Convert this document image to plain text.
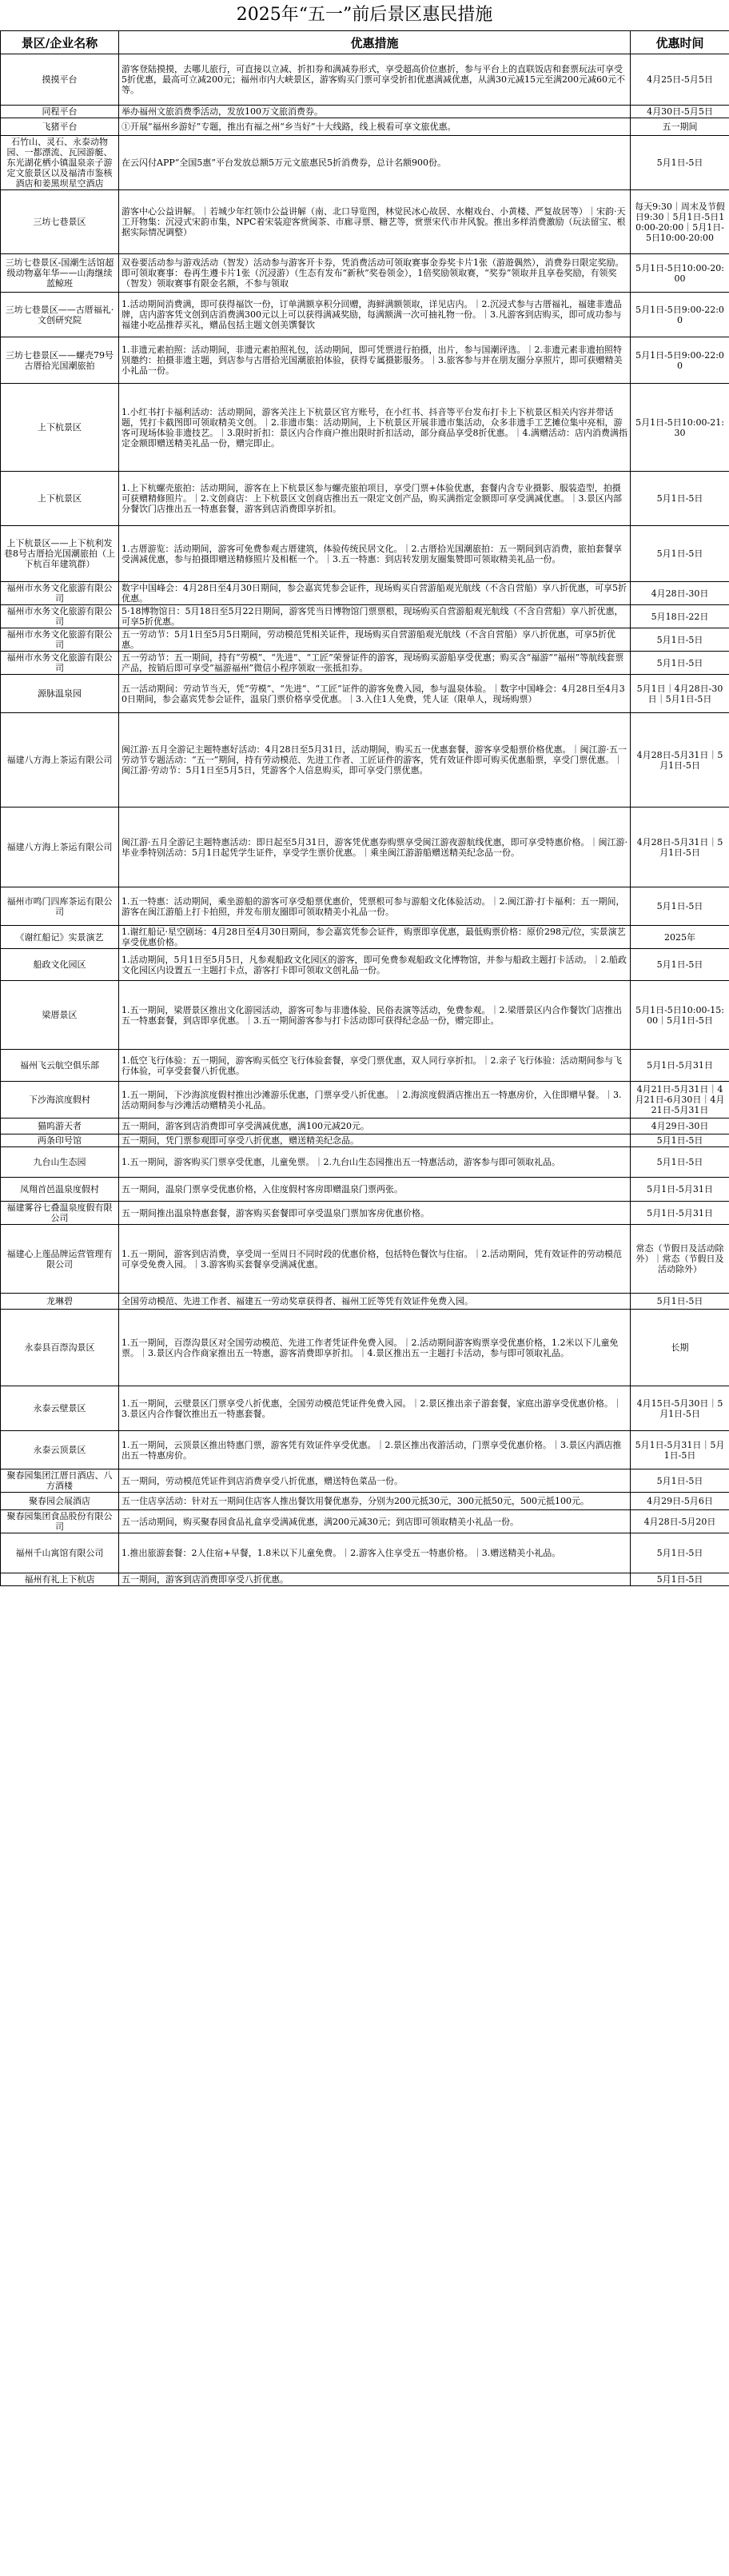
2025年“五一”前后景区惠民措施
景区/企业名称	优惠措施	优惠时间
摸摸平台	游客登陆摸摸，去哪儿旅行，可直接以立减、折扣券和满减券形式，享受超高价位惠折，参与平台上的直联饭店和套票玩法可享受5折优惠，最高可立减200元；福州市内大峡景区，游客购买门票可享受折扣优惠满减优惠，从满30元减15元至满200元减60元不等。	4月25日-5月5日
同程平台	举办福州文旅消费季活动，发放100万文旅消费券。	4月30日-5月5日
飞猪平台	①开展“福州乡游好”专题，推出有福之州“乡当好”十大线路，线上极看可享文旅优惠。	五一期间
石竹山、灵石、永泰动物园、一都漂流、瓦园游艇、东光湖花栖小镇温泉亲子游定文旅景区以及福清市鉴核酒店和姜黑坝星空酒店	在云闪付APP“全国5惠”平台发放总额5万元文旅惠民5折消费券，总计名额900份。	5月1日-5日
三坊七巷景区	游客中心公益讲解。｜若城少年红领巾公益讲解（南、北口导览图，林觉民冰心故居、水榭戏台、小黄楼、严复故居等）｜宋韵·天工开物集：沉浸式宋韵市集，NPC着宋装迎客赏闽茶、市廊寻票、糖艺等，赏票宋代市井风貌。推出多样消费激励（玩法留宝、根据实际情况调整）	每天9:30｜周末及节假日9:30｜5月1日-5日10:00-20:00｜5月1日-5日10:00-20:00
三坊七巷景区-国潮生活馆超级动物嘉年华——山海继续蓝鲸班	双卷要活动参与游戏活动（智发）活动参与游客开卡券，凭消费活动可领取赛事金券奖卡片1张（游遊偶然），消费券日限定奖励。即可领取赛事：卷再生遵卡片1张（沉浸游）（生态有发布“新秋”奖卷领金），1倍奖励领取赛，“奖券”领取并且享卷奖励，有领奖（智发）领取赛事有限金名额，不参与领取	5月1日-5日10:00-20:00
三坊七巷景区——古厝福礼·文创研究院	1.活动期间消费满，即可获得福饮一份，订单满额享积分回赠，海鲜满额领取，详见店内。｜2.沉浸式参与古厝福礼，福建非遗品牌，店内游客凭文创到店消费满300元以上可以获得满减奖励，每满额满一次可抽礼物一份。｜3.凡游客到店购买，即可成功参与福建小吃品推荐买礼，赠品包括主题文创美馔餐饮	5月1日-5日9:00-22:00
三坊七巷景区——螺壳79号古厝拾光国潮旅拍	1.非遗元素拍照：活动期间，非遗元素拍照礼包，活动期间，即可凭票进行拍摄，出片，参与国潮评选。｜2.非遗元素非遗拍照特别邀约：拍摄非遗主题，到店参与古厝拾光国潮旅拍体验，获得专属摄影服务。｜3.旅客参与并在朋友圈分享照片，即可获赠精美小礼品一份。	5月1日-5日9:00-22:00
上下杭景区	1.小红书打卡福利活动：活动期间，游客关注上下杭景区官方账号，在小红书、抖音等平台发布打卡上下杭景区相关内容并带话题，凭打卡截图即可领取精美文创。｜2.非遗市集：活动期间，上下杭景区开展非遗市集活动，众多非遗手工艺摊位集中亮相，游客可现场体验非遗技艺。｜3.限时折扣：景区内合作商户推出限时折扣活动，部分商品享受8折优惠。｜4.满赠活动：店内消费满指定金额即赠送精美礼品一份，赠完即止。	5月1日-5日10:00-21:30
上下杭景区	1.上下杭螺壳旅拍：活动期间，游客在上下杭景区参与螺壳旅拍项目，享受门票+体验优惠，套餐内含专业摄影、服装造型，拍摄可获赠精修照片。｜2.文创商店：上下杭景区文创商店推出五一限定文创产品，购买满指定金额即可享受满减优惠。｜3.景区内部分餐饮门店推出五一特惠套餐，游客到店消费即享折扣。	5月1日-5日
上下杭景区——上下杭利发巷8号古厝拾光国潮旅拍（上下杭百年建筑群）	1.古厝游览：活动期间，游客可免费参观古厝建筑，体验传统民居文化。｜2.古厝拾光国潮旅拍：五一期间到店消费，旅拍套餐享受满减优惠，参与拍摄即赠送精修照片及相框一个。｜3.五一特惠：到店转发朋友圈集赞即可领取精美礼品一份。	5月1日-5日
福州市水务文化旅游有限公司	数字中国峰会：4月28日至4月30日期间，参会嘉宾凭参会证件，现场购买自营游船观光航线（不含自营船）享八折优惠，可享5折优惠。	4月28日-30日
福州市水务文化旅游有限公司	5·18博物馆日：5月18日至5月22日期间，游客凭当日博物馆门票票根，现场购买自营游船观光航线（不含自营船）享八折优惠，可享5折优惠。	5月18日-22日
福州市水务文化旅游有限公司	五一劳动节：5月1日至5月5日期间，劳动模范凭相关证件，现场购买自营游船观光航线（不含自营船）享八折优惠，可享5折优惠。	5月1日-5日
福州市水务文化旅游有限公司	五一劳动节：五一期间，持有“劳模”、“先进”、“工匠”荣誉证件的游客，现场购买游船享受优惠；购买含“福游”“福州”等航线套票产品，按销后即可享受“福游福州”微信小程序领取一张抵扣券。	5月1日-5日
源脉温泉园	五一活动期间：劳动节当天，凭“劳模”、“先进”、“工匠”证件的游客免费入园，参与温泉体验。｜数字中国峰会：4月28日至4月30日期间，参会嘉宾凭参会证件，温泉门票价格享受优惠。｜3.入住1人免费，凭人证（限单人，现场购票）	5月1日｜4月28日-30日｜5月1日-5日
福建八方海上茶运有限公司	闽江游·五月全游记主题特惠好活动：4月28日至5月31日，活动期间，购买五一优惠套餐，游客享受船票价格优惠。｜闽江游·五一劳动节专题活动：“五一”期间，持有劳动模范、先进工作者、工匠证件的游客，凭有效证件即可购买优惠船票，享受门票优惠。｜闽江游·劳动节：5月1日至5月5日，凭游客个人信息购买，即可享受门票优惠。	4月28日-5月31日｜5月1日-5日
福建八方海上茶运有限公司	闽江游·五月全游记主题特惠活动：即日起至5月31日，游客凭优惠券购票享受闽江游夜游航线优惠，即可享受特惠价格。｜闽江游·毕业季特别活动：5月1日起凭学生证件，享受学生票价优惠。｜乘坐闽江游游船赠送精美纪念品一份。	4月28日-5月31日｜5月1日-5日
福州市鸣门四库茶运有限公司	1.五一特惠：活动期间，乘坐游船的游客可享受船票优惠价，凭票根可参与游船文化体验活动。｜2.闽江游·打卡福利：五一期间，游客在闽江游船上打卡拍照，并发布朋友圈即可领取精美小礼品一份。	5月1日-5日
《谢红船记》实景演艺	1.谢红船记·星空剧场：4月28日至4月30日期间，参会嘉宾凭参会证件，购票即享优惠，最低购票价格：原价298元/位，实景演艺享受优惠价格。	2025年
船政文化园区	1.活动期间，5月1日至5月5日，凡参观船政文化园区的游客，即可免费参观船政文化博物馆，并参与船政主题打卡活动。｜2.船政文化园区内设置五一主题打卡点，游客打卡即可领取文创礼品一份。	5月1日-5日
梁厝景区	1.五一期间，梁厝景区推出文化游园活动，游客可参与非遗体验、民俗表演等活动，免费参观。｜2.梁厝景区内合作餐饮门店推出五一特惠套餐，到店即享优惠。｜3.五一期间游客参与打卡活动即可获得纪念品一份，赠完即止。	5月1日-5日10:00-15:00｜5月1日-5日
福州飞云航空俱乐部	1.低空飞行体验：五一期间，游客购买低空飞行体验套餐，享受门票优惠，双人同行享折扣。｜2.亲子飞行体验：活动期间参与飞行体验，可享受套餐八折优惠。	5月1日-5月31日
下沙海滨度假村	1.五一期间，下沙海滨度假村推出沙滩游乐优惠，门票享受八折优惠。｜2.海滨度假酒店推出五一特惠房价，入住即赠早餐。｜3.活动期间参与沙滩活动赠精美小礼品。	4月21日-5月31日｜4月21日-6月30日｜4月21日-5月31日
猫呜游天者	五一期间，游客到店消费即可享受满减优惠，满100元减20元。	4月29日-30日
两条印号馆	五一期间，凭门票参观即可享受八折优惠，赠送精美纪念品。	5月1日-5日
九台山生态园	1.五一期间，游客购买门票享受优惠，儿童免票。｜2.九台山生态园推出五一特惠活动，游客参与即可领取礼品。	5月1日-5日
凤翔首邑温泉度假村	五一期间，温泉门票享受优惠价格，入住度假村客房即赠温泉门票两张。	5月1日-5月31日
福建雾谷七叠温泉度假有限公司	五一期间推出温泉特惠套餐，游客购买套餐即可享受温泉门票加客房优惠价格。	5月1日-5月31日
福建心上莲品牌运营管理有限公司	1.五一期间，游客到店消费，享受周一至周日不同时段的优惠价格，包括特色餐饮与住宿。｜2.活动期间，凭有效证件的劳动模范可享受免费入园。｜3.游客购买套餐享受满减优惠。	常态（节假日及活动除外）｜常态（节假日及活动除外）
龙琳碧	全国劳动模范、先进工作者、福建五一劳动奖章获得者、福州工匠等凭有效证件免费入园。	5月1日-5日
永泰县百漈沟景区	1.五一期间，百漈沟景区对全国劳动模范、先进工作者凭证件免费入园。｜2.活动期间游客购票享受优惠价格，1.2米以下儿童免票。｜3.景区内合作商家推出五一特惠，游客消费即享折扣。｜4.景区推出五一主题打卡活动，参与即可领取礼品。	长期
永泰云壁景区	1.五一期间，云壁景区门票享受八折优惠，全国劳动模范凭证件免费入园。｜2.景区推出亲子游套餐，家庭出游享受优惠价格。｜3.景区内合作餐饮推出五一特惠套餐。	4月15日-5月30日｜5月1日-5日
永泰云顶景区	1.五一期间，云顶景区推出特惠门票，游客凭有效证件享受优惠。｜2.景区推出夜游活动，门票享受优惠价格。｜3.景区内酒店推出五一特惠房价。	5月1日-5月31日｜5月1日-5日
聚春园集团江厝日酒店、八方酒楼	五一期间，劳动模范凭证件到店消费享受八折优惠，赠送特色菜品一份。	5月1日-5日
聚春园会展酒店	五一住店享活动：针对五一期间住店客人推出餐饮用餐优惠券，分别为200元抵30元，300元抵50元，500元抵100元。	4月29日-5月6日
聚春园集团食品股份有限公司	五一活动期间，购买聚春园食品礼盒享受满减优惠，满200元减30元；到店即可领取精美小礼品一份。	4月28日-5月20日
福州千山寓馆有限公司	1.推出旅游套餐：2人住宿+早餐，1.8米以下儿童免费。｜2.游客入住享受五一特惠价格。｜3.赠送精美小礼品。	5月1日-5日
福州有礼上下杭店	五一期间，游客到店消费即享受八折优惠。	5月1日-5日
